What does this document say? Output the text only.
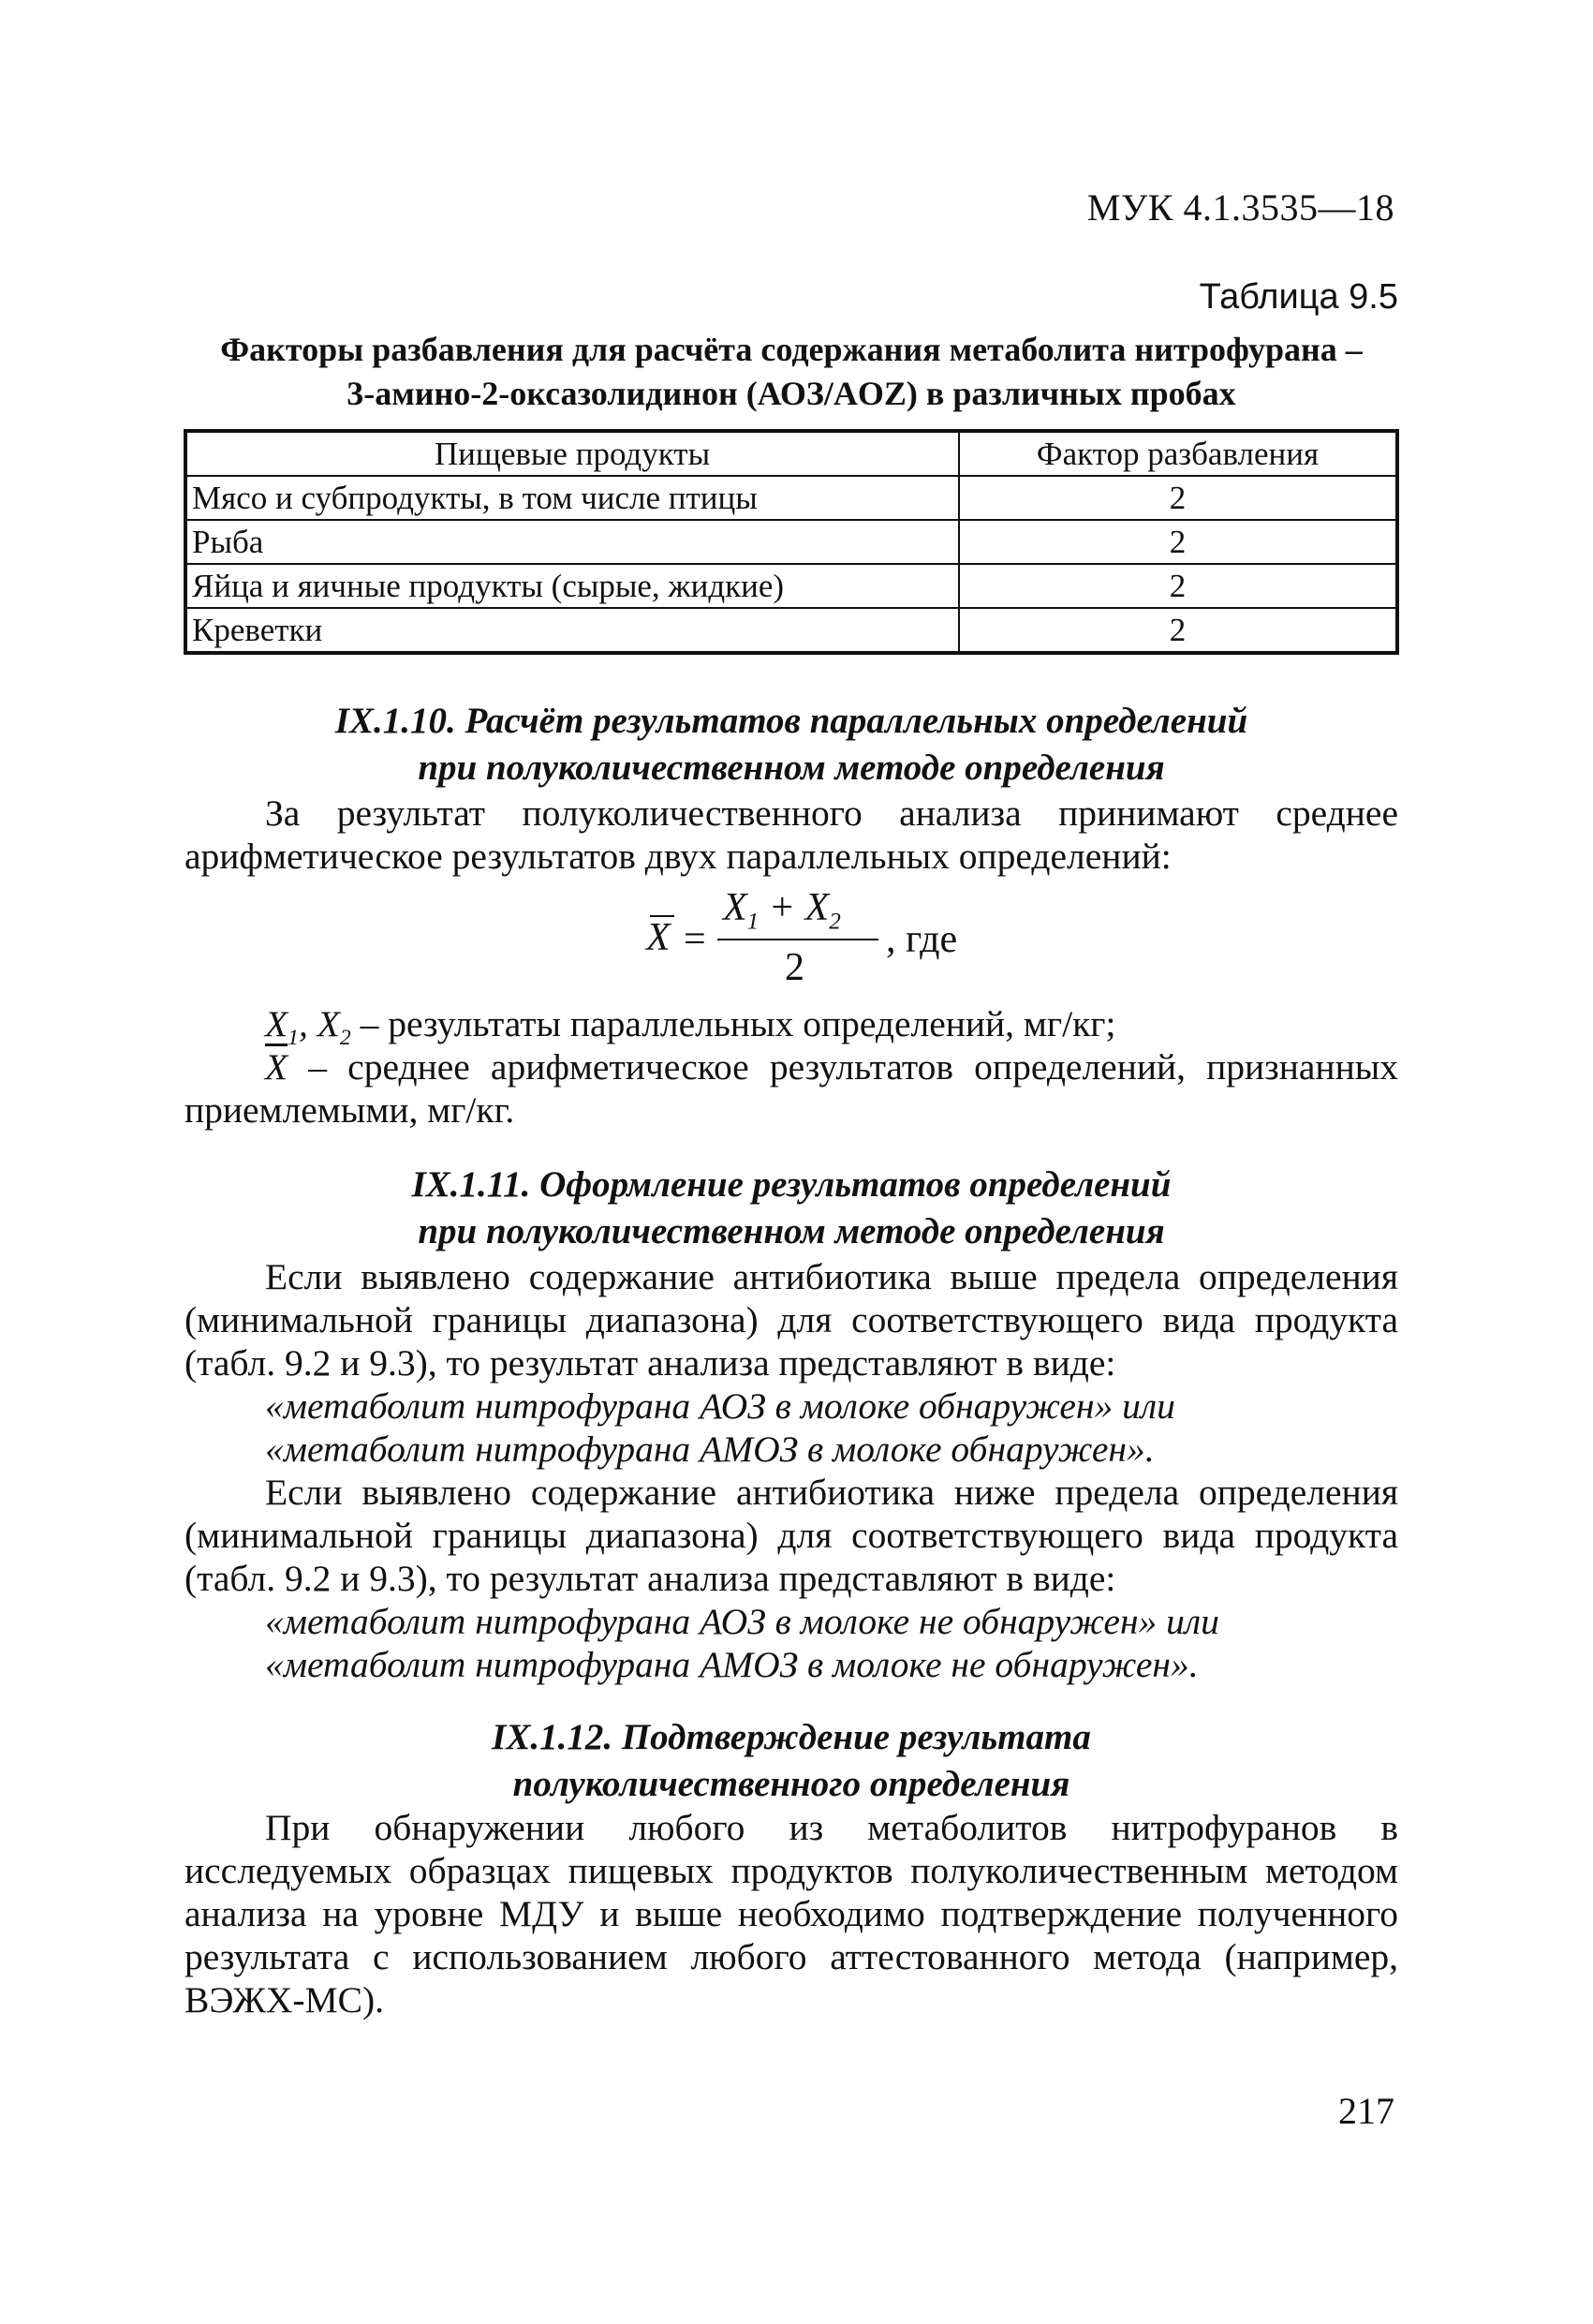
МУК 4.1.3535—18
Таблица 9.5
Факторы разбавления для расчёта содержания метаболита нитрофурана –
3-амино-2-оксазолидинон (АОЗ/AOZ) в различных пробах
Пищевые продукты	Фактор разбавления
Мясо и субпродукты, в том числе птицы	2
Рыба	2
Яйца и яичные продукты (сырые, жидкие)	2
Креветки	2
IX.1.10. Расчёт результатов параллельных определений
при полуколичественном методе определения
За результат полуколичественного анализа принимают среднее арифметическое результатов двух параллельных определений:
X =
$X_1 + X_2$
2
, где
$X_1$, $X_2$ – результаты параллельных определений, мг/кг;
$\overline{X}$ – среднее арифметическое результатов определений, признанных приемлемыми, мг/кг.
IX.1.11. Оформление результатов определений
при полуколичественном методе определения
Если выявлено содержание антибиотика выше предела определения (минимальной границы диапазона) для соответствующего вида продукта (табл. 9.2 и 9.3), то результат анализа представляют в виде:
«метаболит нитрофурана АОЗ в молоке обнаружен» или
«метаболит нитрофурана АМОЗ в молоке обнаружен».
Если выявлено содержание антибиотика ниже предела определения (минимальной границы диапазона) для соответствующего вида продукта (табл. 9.2 и 9.3), то результат анализа представляют в виде:
«метаболит нитрофурана АОЗ в молоке не обнаружен» или
«метаболит нитрофурана АМОЗ в молоке не обнаружен».
IX.1.12. Подтверждение результата
полуколичественного определения
При обнаружении любого из метаболитов нитрофуранов в исследуемых образцах пищевых продуктов полуколичественным методом анализа на уровне МДУ и выше необходимо подтверждение полученного результата с использованием любого аттестованного метода (например, ВЭЖХ-МС).
217
